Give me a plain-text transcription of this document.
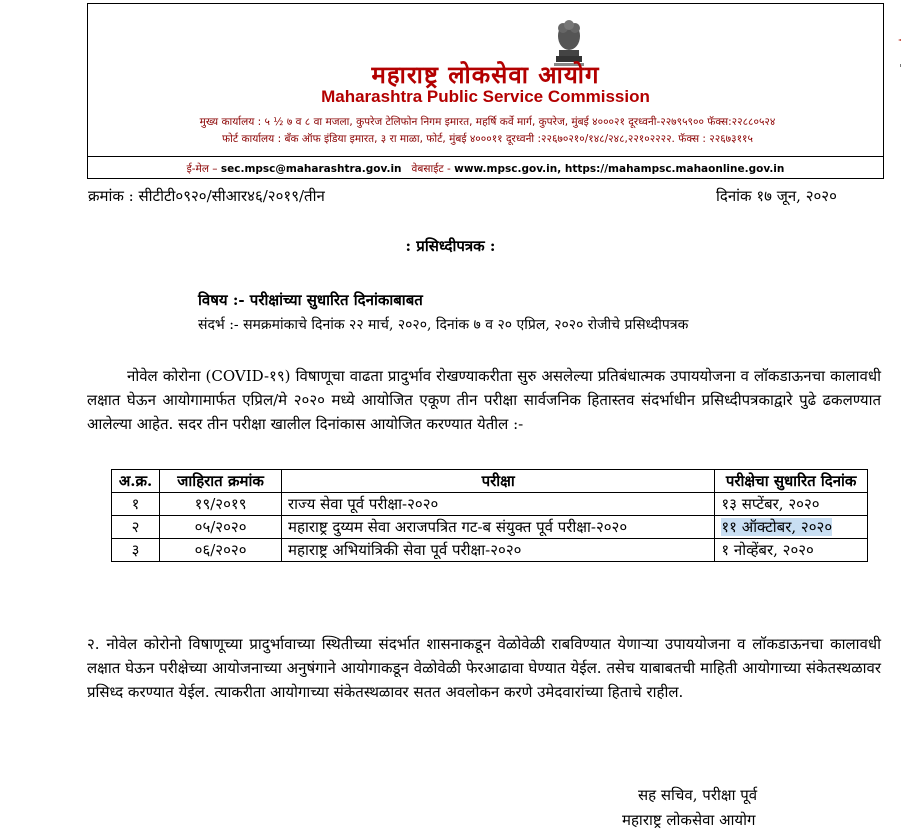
महाराष्ट्र लोकसेवा आयोग
Maharashtra Public Service Commission
मुख्य कार्यालय : ५ ½ ७ व ८ वा मजला, कुपरेज टेलिफोन निगम इमारत, महर्षि कर्वे मार्ग, कुपरेज, मुंबई ४०००२१ दूरध्वनी-२२७९५९०० फॅक्स:२२८८०५२४
फोर्ट कार्यालय : बँक ऑफ इंडिया इमारत, ३ रा माळा, फोर्ट, मुंबई ४०००११ दूरध्वनी :२२६७०२१०/१४८/२४८,२२१०२२२२. फॅक्स : २२६७३११५
ई-मेल – sec.mpsc@maharashtra.gov.in वेबसाईट - www.mpsc.gov.in, https://mahampsc.mahaonline.gov.in
क्रमांक : सीटीटी०९२०/सीआर४६/२०१९/तीन	दिनांक १७ जून, २०२०
: प्रसिध्दीपत्रक :
विषय :- परीक्षांच्या सुधारित दिनांकाबाबत
संदर्भ :- समक्रमांकाचे दिनांक २२ मार्च, २०२०, दिनांक ७ व २० एप्रिल, २०२० रोजीचे प्रसिध्दीपत्रक
नोवेल कोरोना (COVID-१९) विषाणूचा वाढता प्रादुर्भाव रोखण्याकरीता सुरु असलेल्या प्रतिबंधात्मक उपाययोजना व लॉकडाऊनचा कालावधी लक्षात घेऊन आयोगामार्फत एप्रिल/मे २०२० मध्ये आयोजित एकूण तीन परीक्षा सार्वजनिक हितास्तव संदर्भाधीन प्रसिध्दीपत्रकाद्वारे पुढे ढकलण्यात आलेल्या आहेत. सदर तीन परीक्षा खालील दिनांकास आयोजित करण्यात येतील :-
अ.क्र.	जाहिरात क्रमांक	परीक्षा	परीक्षेचा सुधारित दिनांक
१	१९/२०१९	राज्य सेवा पूर्व परीक्षा-२०२०	१३ सप्टेंबर, २०२०
२	०५/२०२०	महाराष्ट्र दुय्यम सेवा अराजपत्रित गट-ब संयुक्त पूर्व परीक्षा-२०२०	११ ऑक्टोबर, २०२०
३	०६/२०२०	महाराष्ट्र अभियांत्रिकी सेवा पूर्व परीक्षा-२०२०	१ नोव्हेंबर, २०२०
२. नोवेल कोरोनो विषाणूच्या प्रादुर्भावाच्या स्थितीच्या संदर्भात शासनाकडून वेळोवेळी राबविण्यात येणाऱ्या उपाययोजना व लॉकडाऊनचा कालावधी लक्षात घेऊन परीक्षेच्या आयोजनाच्या अनुषंगाने आयोगाकडून वेळोवेळी फेरआढावा घेण्यात येईल. तसेच याबाबतची माहिती आयोगाच्या संकेतस्थळावर प्रसिध्द करण्यात येईल. त्याकरीता आयोगाच्या संकेतस्थळावर सतत अवलोकन करणे उमेदवारांच्या हिताचे राहील.
सह सचिव, परीक्षा पूर्व
महाराष्ट्र लोकसेवा आयोग
